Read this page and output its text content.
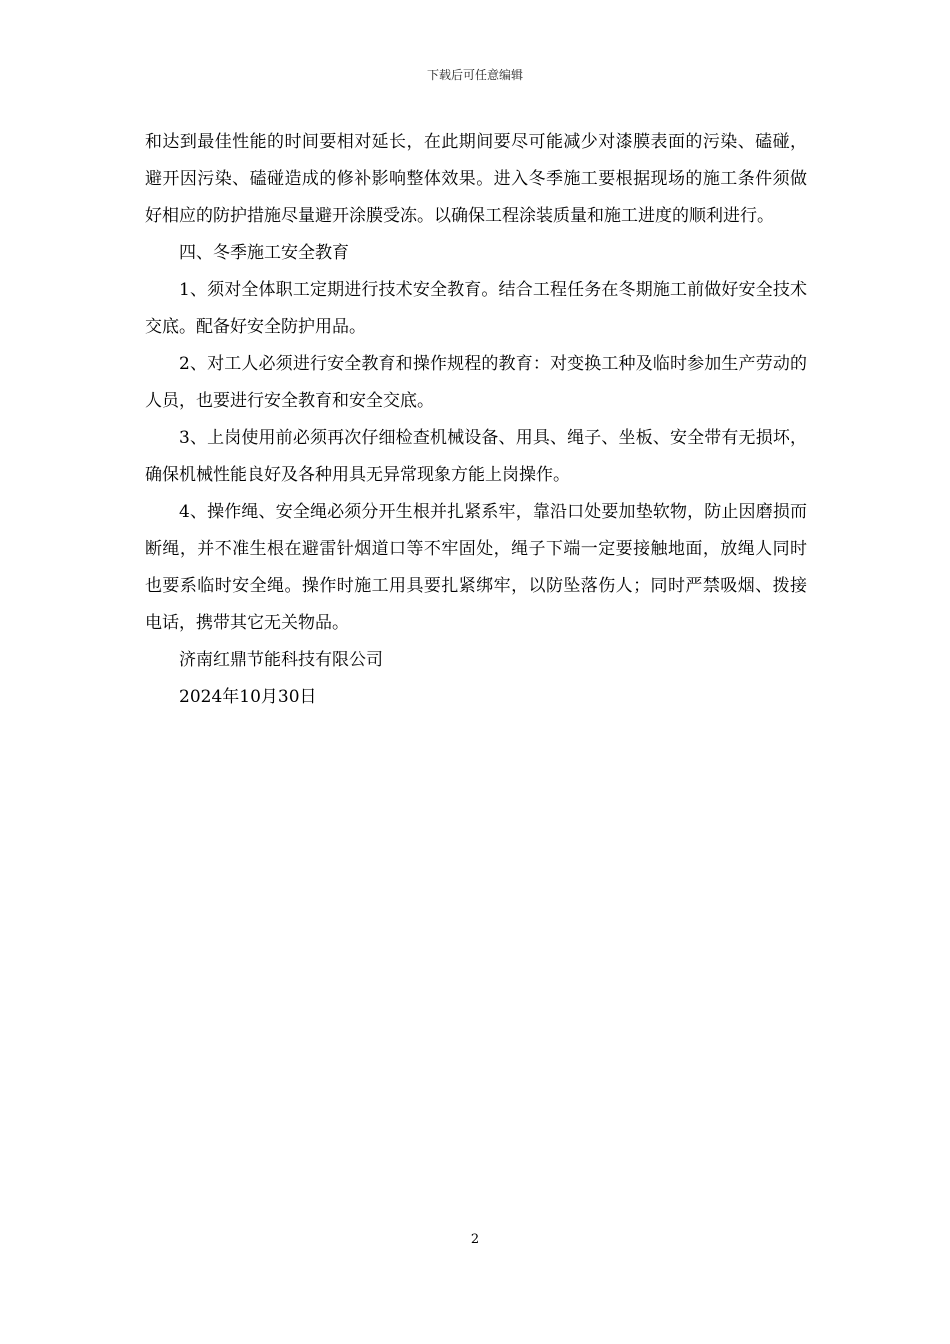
下载后可任意编辑

和达到最佳性能的时间要相对延长，在此期间要尽可能减少对漆膜表面的污染、磕碰，避开因污染、磕碰造成的修补影响整体效果。进入冬季施工要根据现场的施工条件须做好相应的防护措施尽量避开涂膜受冻。以确保工程涂装质量和施工进度的顺利进行。

四、冬季施工安全教育

1、须对全体职工定期进行技术安全教育。结合工程任务在冬期施工前做好安全技术交底。配备好安全防护用品。

2、对工人必须进行安全教育和操作规程的教育：对变换工种及临时参加生产劳动的人员，也要进行安全教育和安全交底。

3、上岗使用前必须再次仔细检查机械设备、用具、绳子、坐板、安全带有无损坏，确保机械性能良好及各种用具无异常现象方能上岗操作。

4、操作绳、安全绳必须分开生根并扎紧系牢，靠沿口处要加垫软物，防止因磨损而断绳，并不准生根在避雷针烟道口等不牢固处，绳子下端一定要接触地面，放绳人同时也要系临时安全绳。操作时施工用具要扎紧绑牢，以防坠落伤人；同时严禁吸烟、拨接电话，携带其它无关物品。

济南红鼎节能科技有限公司

2024年10月30日

2
